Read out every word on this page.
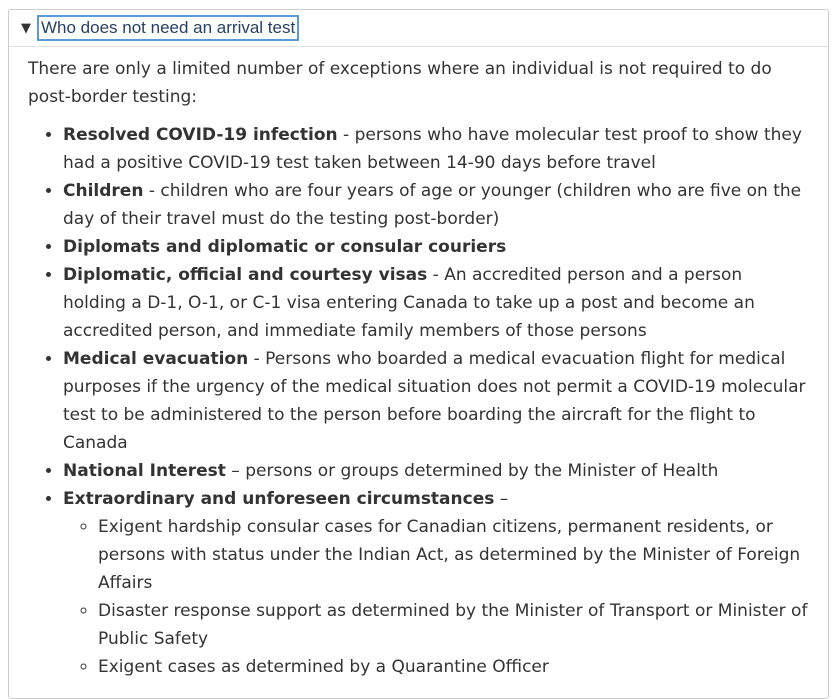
▼ Who does not need an arrival test

There are only a limited number of exceptions where an individual is not required to do post-border testing:

• Resolved COVID-19 infection - persons who have molecular test proof to show they had a positive COVID-19 test taken between 14-90 days before travel
• Children - children who are four years of age or younger (children who are five on the day of their travel must do the testing post-border)
• Diplomats and diplomatic or consular couriers
• Diplomatic, official and courtesy visas - An accredited person and a person holding a D-1, O-1, or C-1 visa entering Canada to take up a post and become an accredited person, and immediate family members of those persons
• Medical evacuation - Persons who boarded a medical evacuation flight for medical purposes if the urgency of the medical situation does not permit a COVID-19 molecular test to be administered to the person before boarding the aircraft for the flight to Canada
• National Interest – persons or groups determined by the Minister of Health
• Extraordinary and unforeseen circumstances –
◦ Exigent hardship consular cases for Canadian citizens, permanent residents, or persons with status under the Indian Act, as determined by the Minister of Foreign Affairs
◦ Disaster response support as determined by the Minister of Transport or Minister of Public Safety
◦ Exigent cases as determined by a Quarantine Officer
